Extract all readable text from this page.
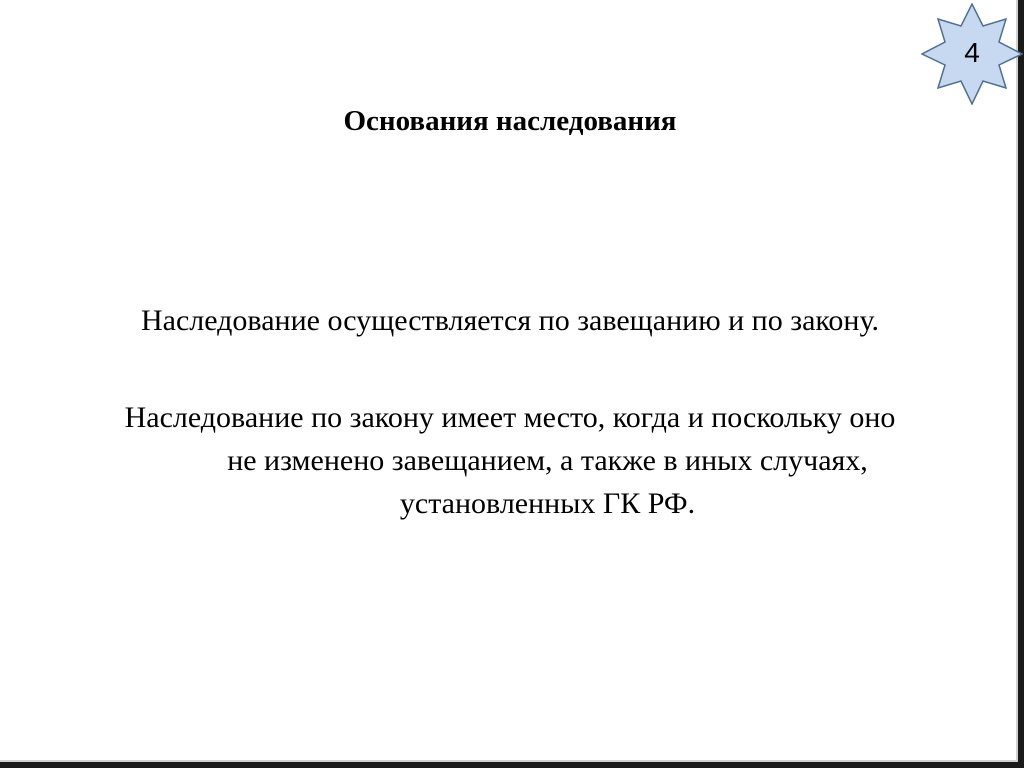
4
Основания наследования
Наследование осуществляется по завещанию и по закону.
Наследование по закону имеет место, когда и поскольку оно
не изменено завещанием, а также в иных случаях,
установленных ГК РФ.
